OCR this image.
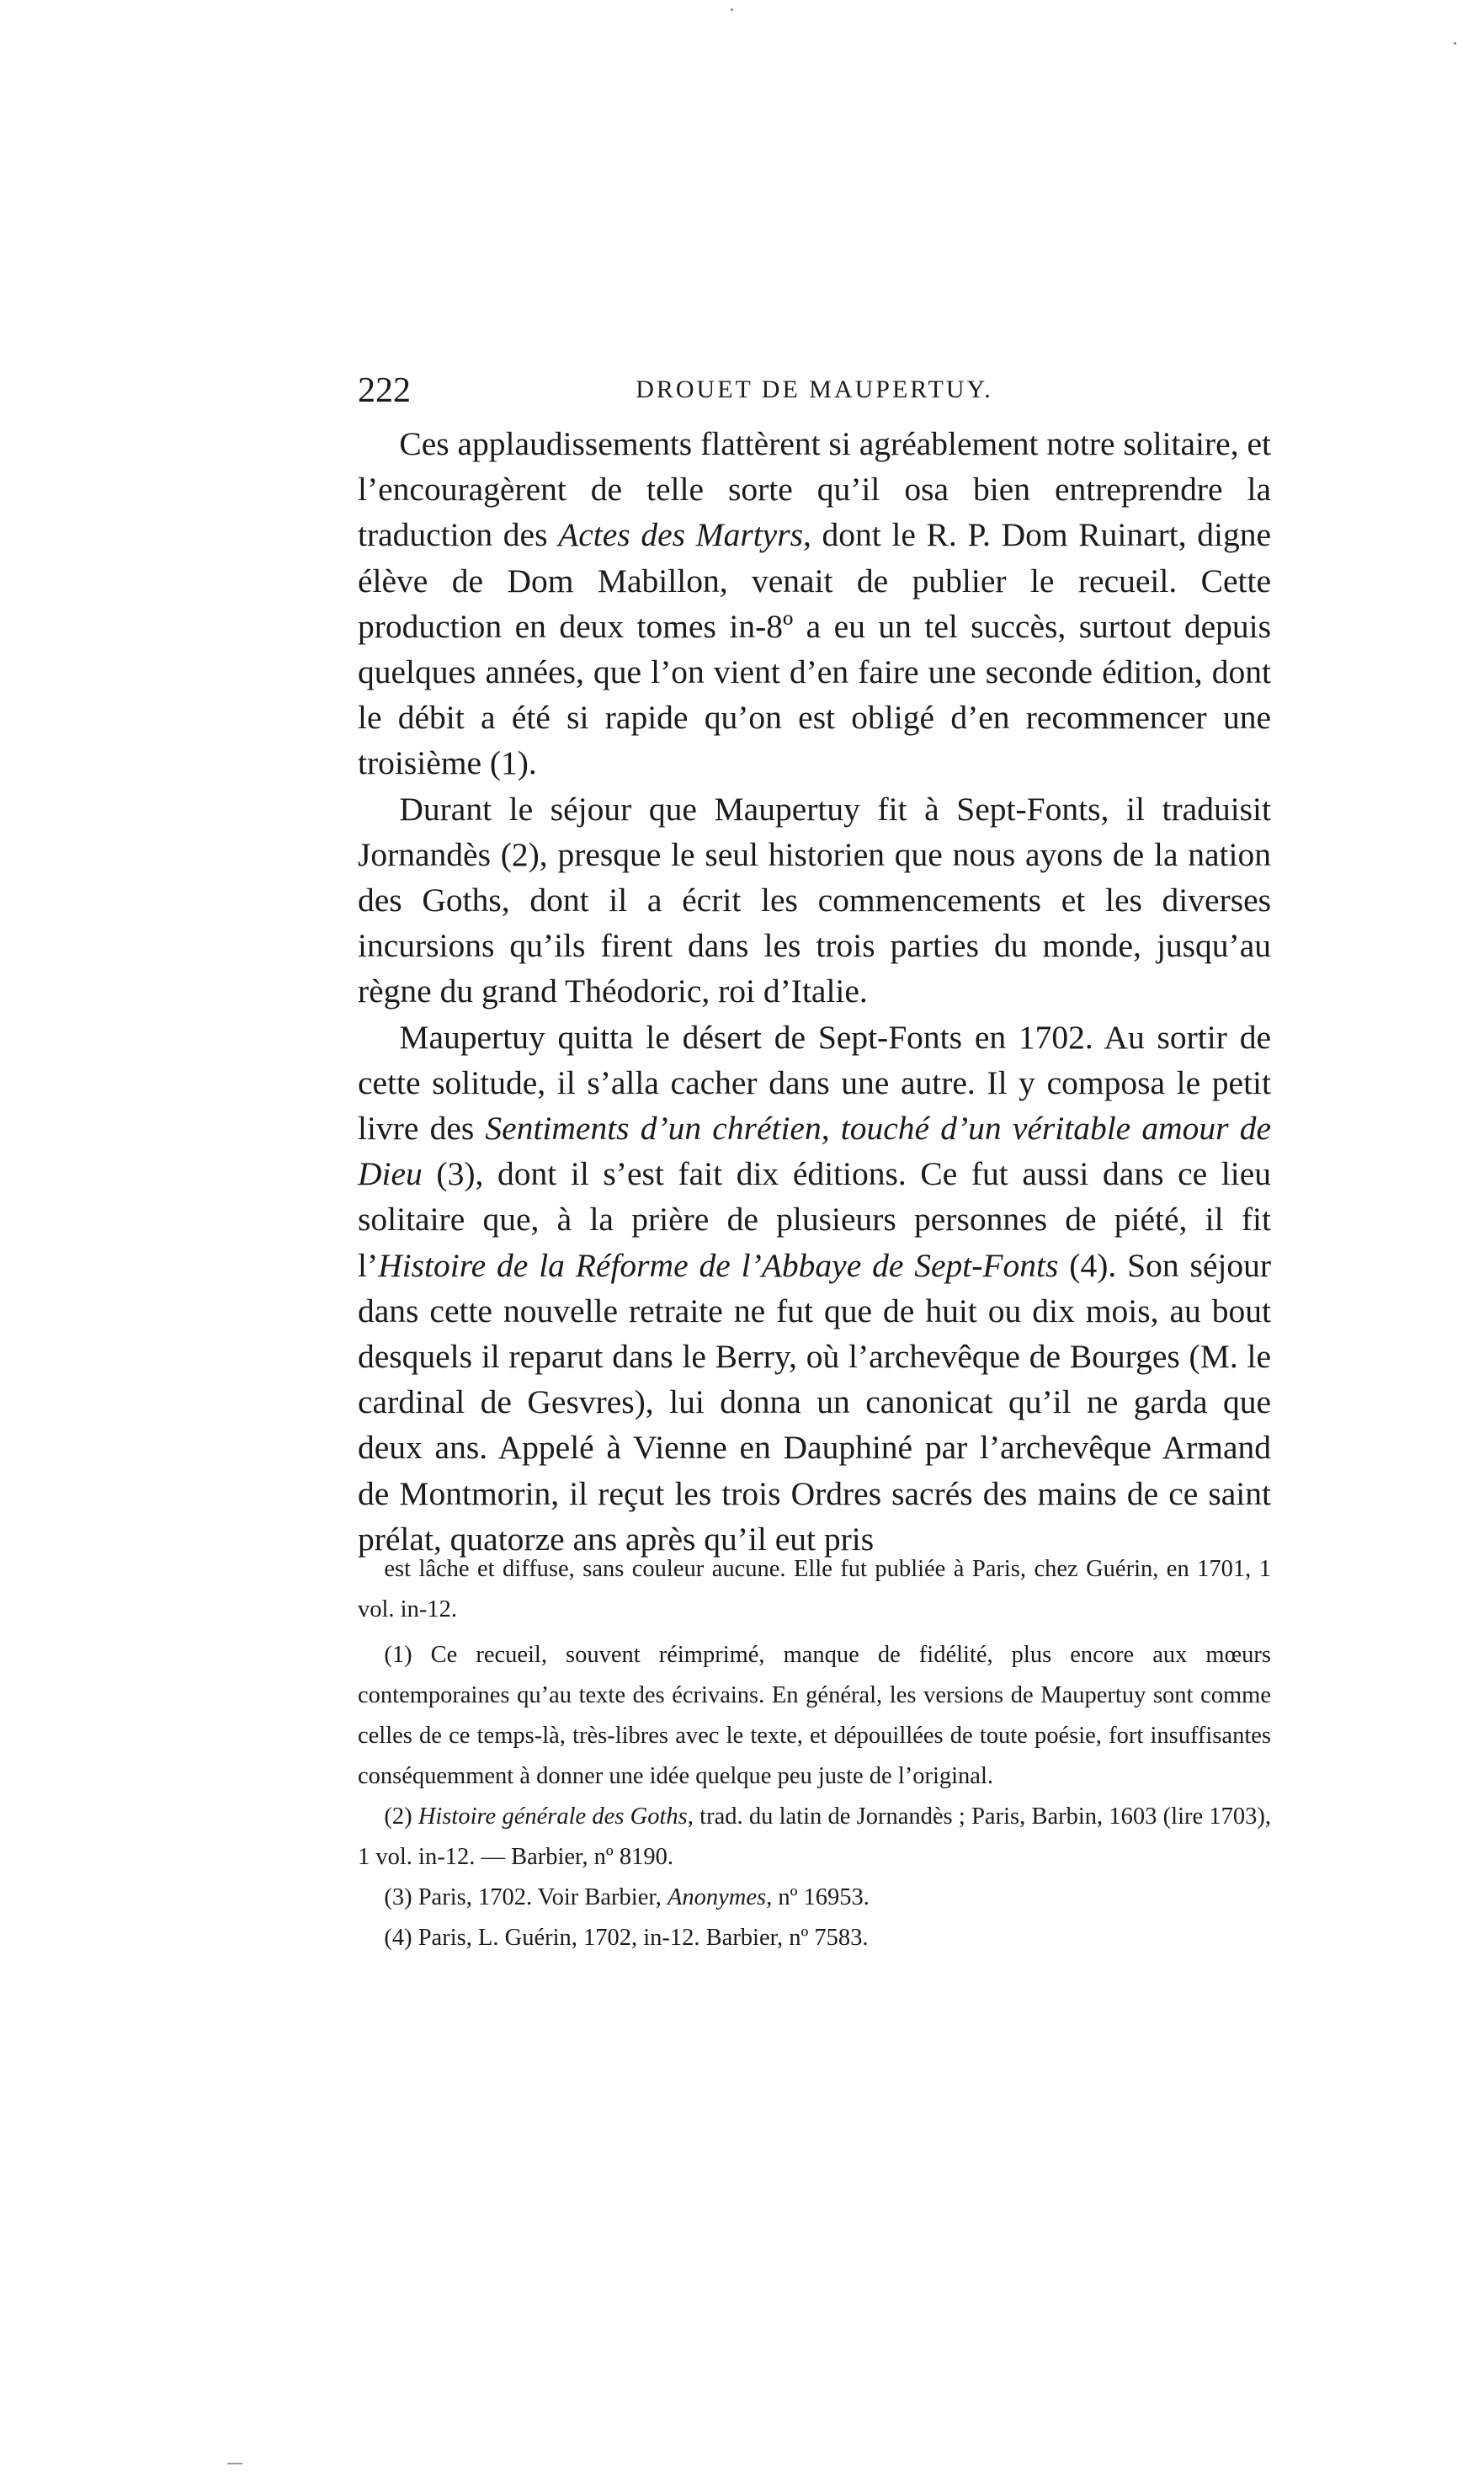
222	DROUET DE MAUPERTUY.

Ces applaudissements flattèrent si agréablement notre solitaire, et l’encouragèrent de telle sorte qu’il osa bien entreprendre la traduction des Actes des Martyrs, dont le R. P. Dom Ruinart, digne élève de Dom Mabillon, venait de publier le recueil. Cette production en deux tomes in-8º a eu un tel succès, surtout depuis quelques années, que l’on vient d’en faire une seconde édition, dont le débit a été si rapide qu’on est obligé d’en recommencer une troisième (1).

Durant le séjour que Maupertuy fit à Sept-Fonts, il traduisit Jornandès (2), presque le seul historien que nous ayons de la nation des Goths, dont il a écrit les commencements et les diverses incursions qu’ils firent dans les trois parties du monde, jusqu’au règne du grand Théodoric, roi d’Italie.

Maupertuy quitta le désert de Sept-Fonts en 1702. Au sortir de cette solitude, il s’alla cacher dans une autre. Il y composa le petit livre des Sentiments d’un chrétien, touché d’un véritable amour de Dieu (3), dont il s’est fait dix éditions. Ce fut aussi dans ce lieu solitaire que, à la prière de plusieurs personnes de piété, il fit l’Histoire de la Réforme de l’Abbaye de Sept-Fonts (4). Son séjour dans cette nouvelle retraite ne fut que de huit ou dix mois, au bout desquels il reparut dans le Berry, où l’archevêque de Bourges (M. le cardinal de Gesvres), lui donna un canonicat qu’il ne garda que deux ans. Appelé à Vienne en Dauphiné par l’archevêque Armand de Montmorin, il reçut les trois Ordres sacrés des mains de ce saint prélat, quatorze ans après qu’il eut pris

est lâche et diffuse, sans couleur aucune. Elle fut publiée à Paris, chez Guérin, en 1701, 1 vol. in-12.

(1) Ce recueil, souvent réimprimé, manque de fidélité, plus encore aux mœurs contemporaines qu’au texte des écrivains. En général, les versions de Maupertuy sont comme celles de ce temps-là, très-libres avec le texte, et dépouillées de toute poésie, fort insuffisantes conséquemment à donner une idée quelque peu juste de l’original.

(2) Histoire générale des Goths, trad. du latin de Jornandès ; Paris, Barbin, 1603 (lire 1703), 1 vol. in-12. — Barbier, nº 8190.

(3) Paris, 1702. Voir Barbier, Anonymes, nº 16953.

(4) Paris, L. Guérin, 1702, in-12. Barbier, nº 7583.
